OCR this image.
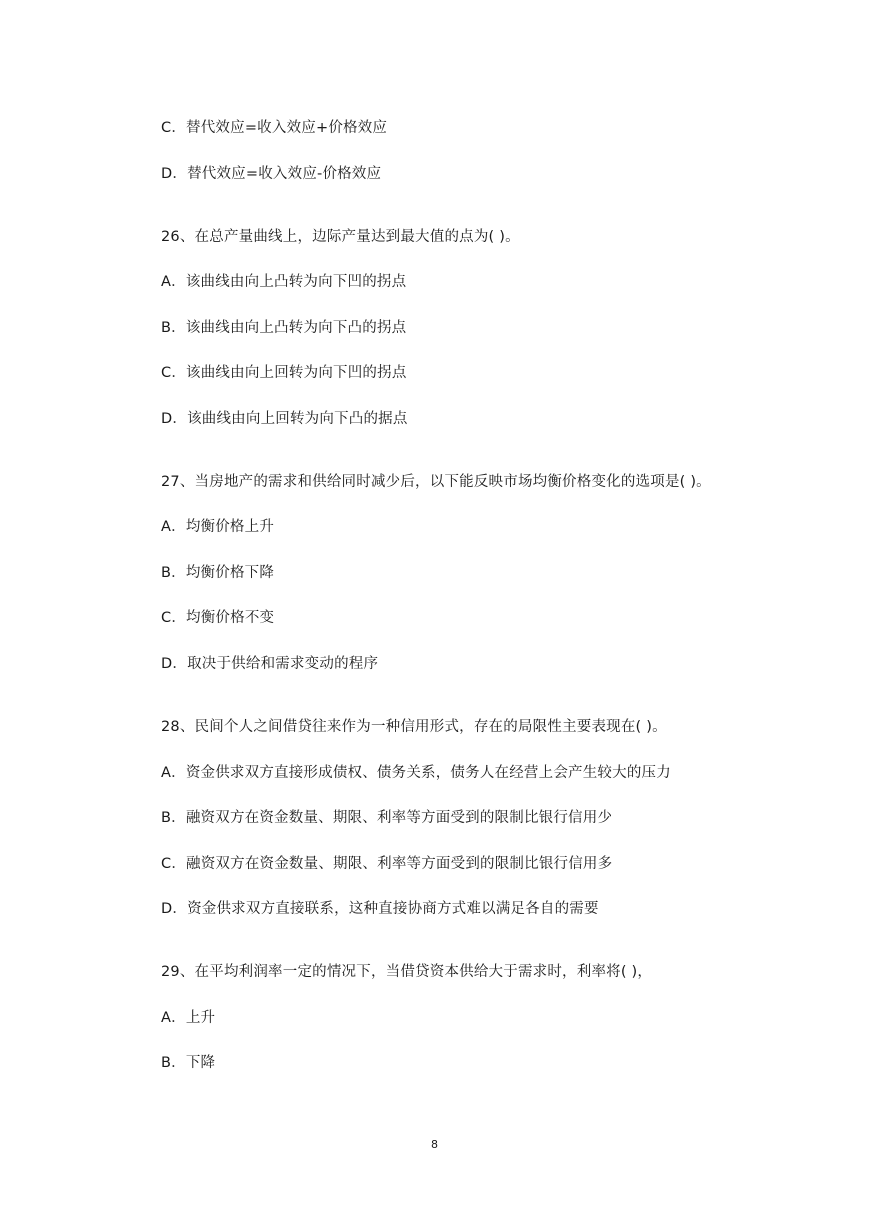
C．替代效应=收入效应+价格效应
D．替代效应=收入效应-价格效应
26、在总产量曲线上，边际产量达到最大值的点为( )。
A．该曲线由向上凸转为向下凹的拐点
B．该曲线由向上凸转为向下凸的拐点
C．该曲线由向上回转为向下凹的拐点
D．该曲线由向上回转为向下凸的据点
27、当房地产的需求和供给同时减少后，以下能反映市场均衡价格变化的选项是( )。
A．均衡价格上升
B．均衡价格下降
C．均衡价格不变
D．取决于供给和需求变动的程序
28、民间个人之间借贷往来作为一种信用形式，存在的局限性主要表现在( )。
A．资金供求双方直接形成债权、债务关系，债务人在经营上会产生较大的压力
B．融资双方在资金数量、期限、利率等方面受到的限制比银行信用少
C．融资双方在资金数量、期限、利率等方面受到的限制比银行信用多
D．资金供求双方直接联系，这种直接协商方式难以满足各自的需要
29、在平均利润率一定的情况下，当借贷资本供给大于需求时，利率将( )，
A．上升
B．下降
8
